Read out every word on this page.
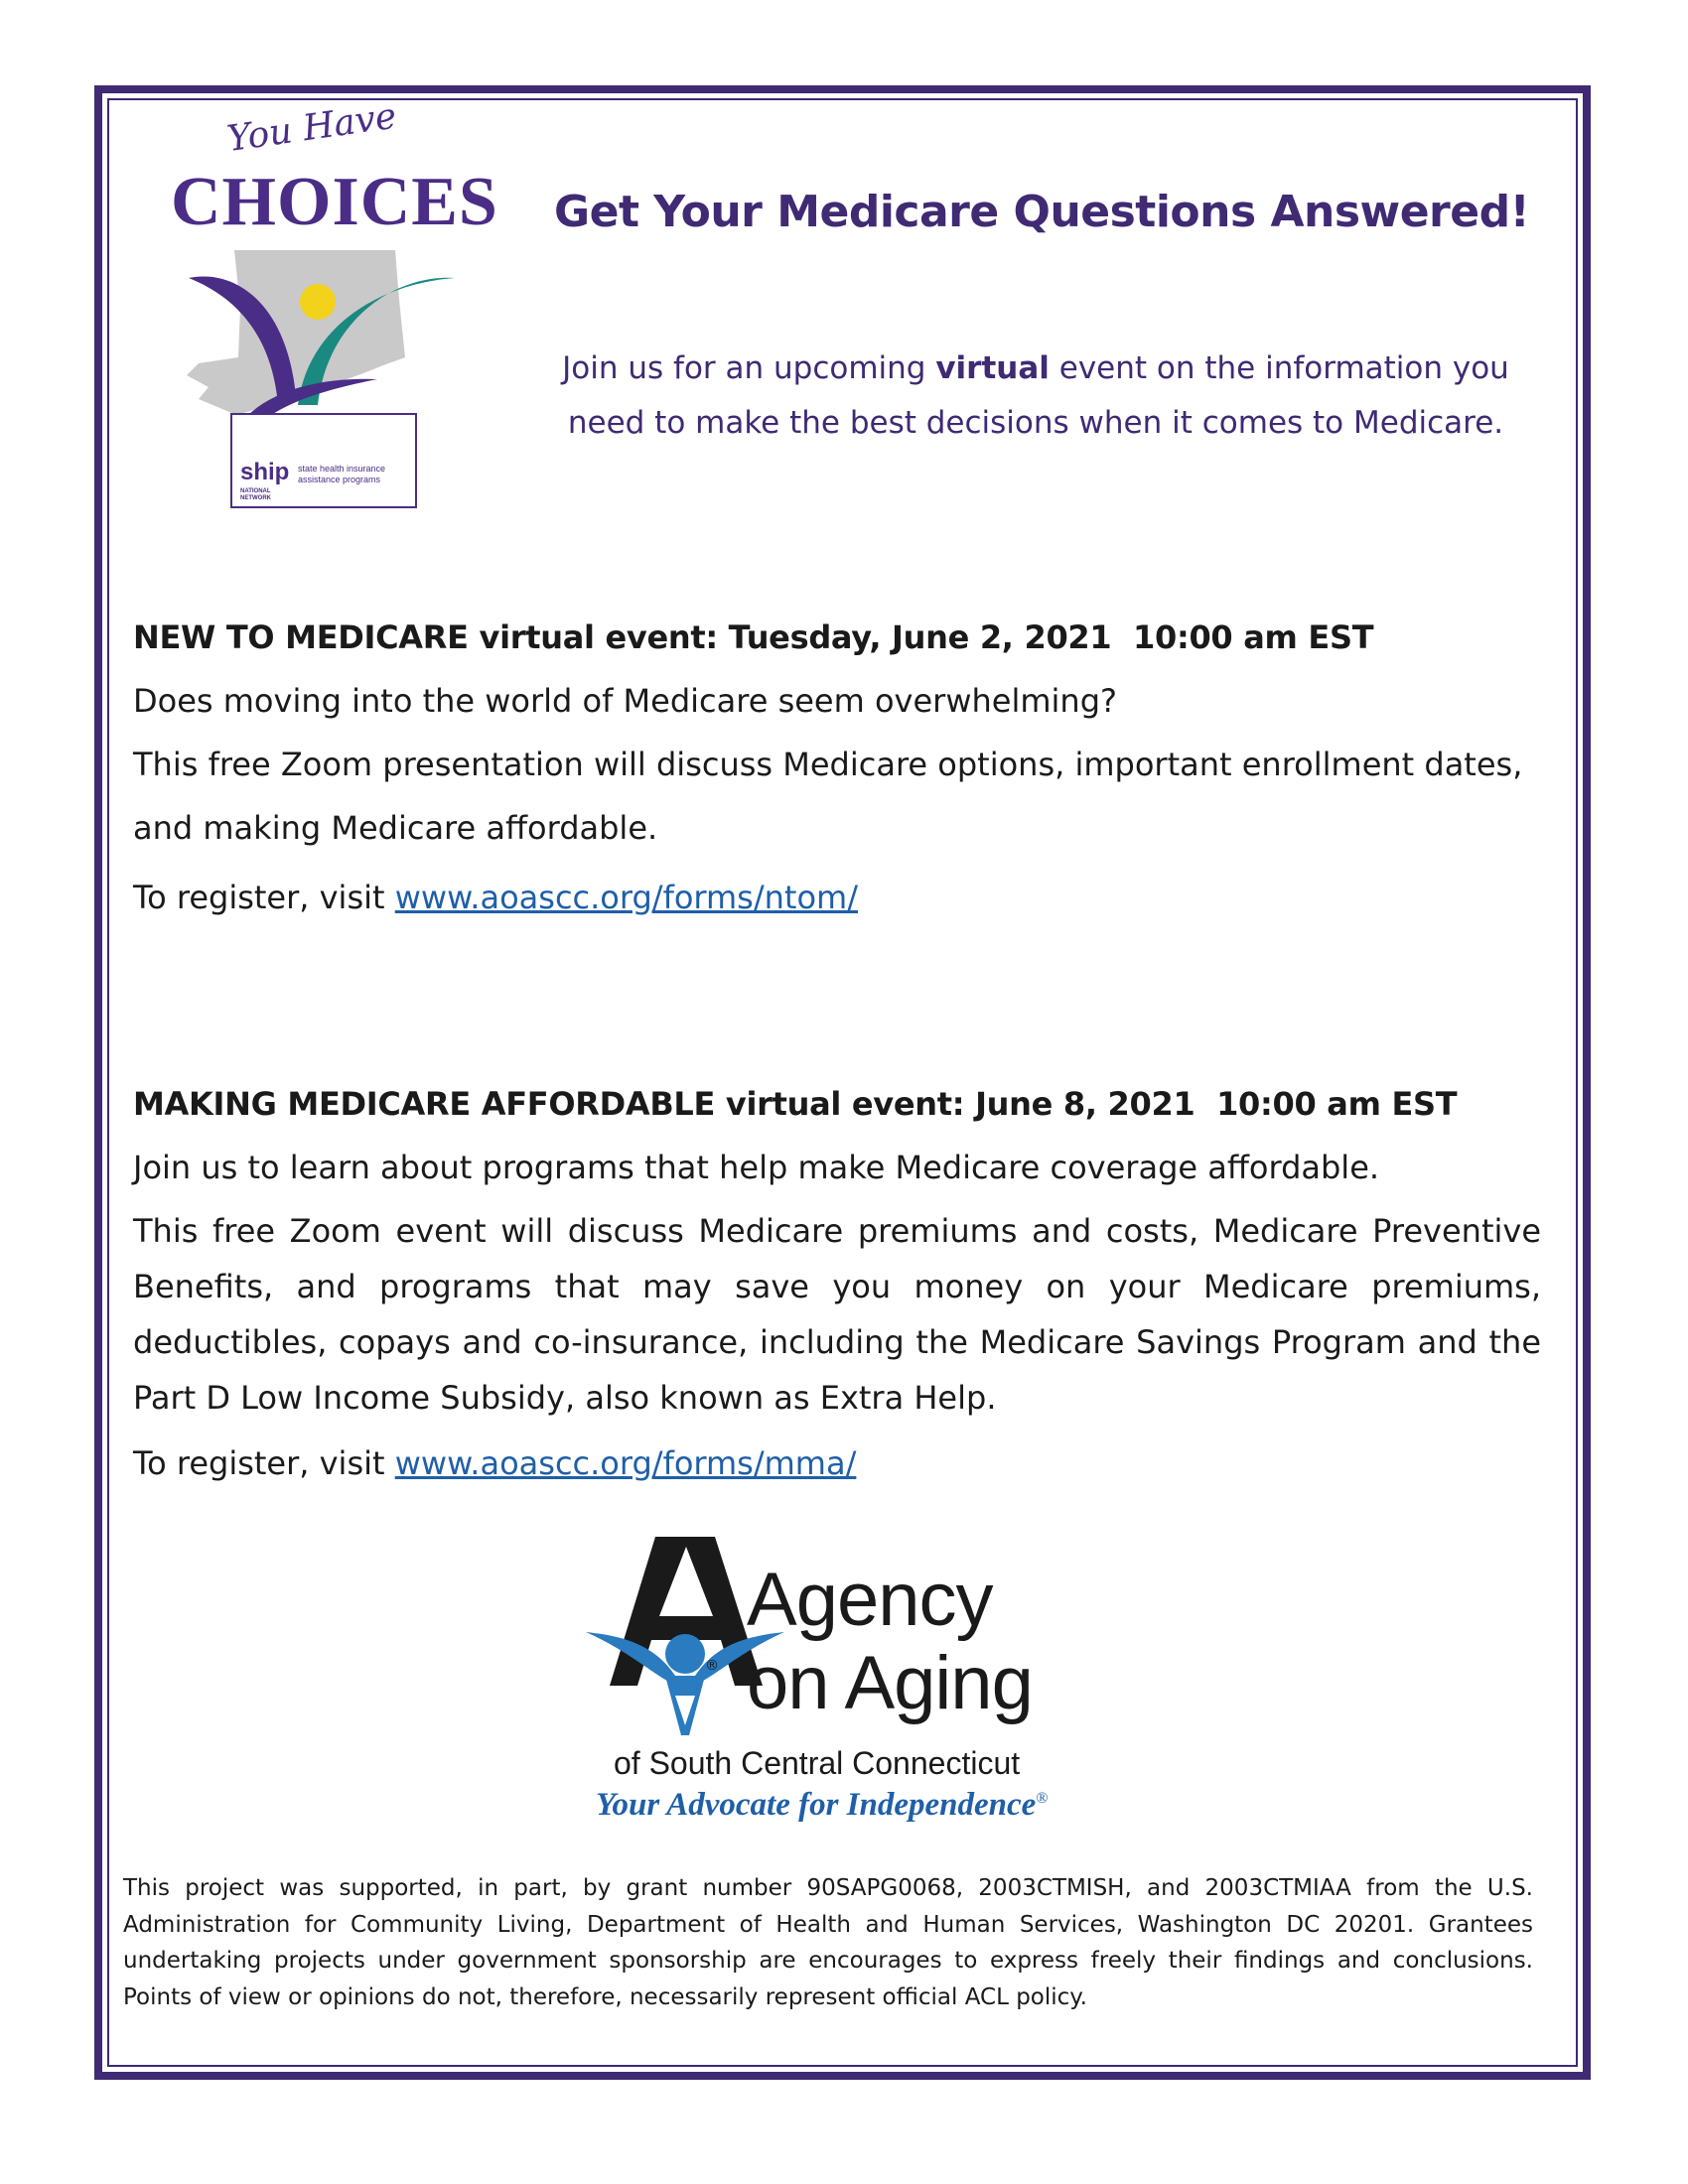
You Have
CHOICES
ship state health insurance
assistance programs
NATIONAL
NETWORK
Get Your Medicare Questions Answered!
Join us for an upcoming virtual event on the information you need to make the best decisions when it comes to Medicare.

NEW TO MEDICARE virtual event: Tuesday, June 2, 2021  10:00 am EST

Does moving into the world of Medicare seem overwhelming?

This free Zoom presentation will discuss Medicare options, important enrollment dates, and making Medicare affordable.

To register, visit www.aoascc.org/forms/ntom/

MAKING MEDICARE AFFORDABLE virtual event: June 8, 2021  10:00 am EST

Join us to learn about programs that help make Medicare coverage affordable.

This free Zoom event will discuss Medicare premiums and costs, Medicare Preventive Benefits, and programs that may save you money on your Medicare premiums, deductibles, copays and co-insurance, including the Medicare Savings Program and the Part D Low Income Subsidy, also known as Extra Help.

To register, visit www.aoascc.org/forms/mma/

Agency
on Aging
®
of South Central Connecticut
Your Advocate for Independence®
This project was supported, in part, by grant number 90SAPG0068, 2003CTMISH, and 2003CTMIAA from the U.S. Administration for Community Living, Department of Health and Human Services, Washington DC 20201. Grantees undertaking projects under government sponsorship are encourages to express freely their findings and conclusions. Points of view or opinions do not, therefore, necessarily represent official ACL policy.
